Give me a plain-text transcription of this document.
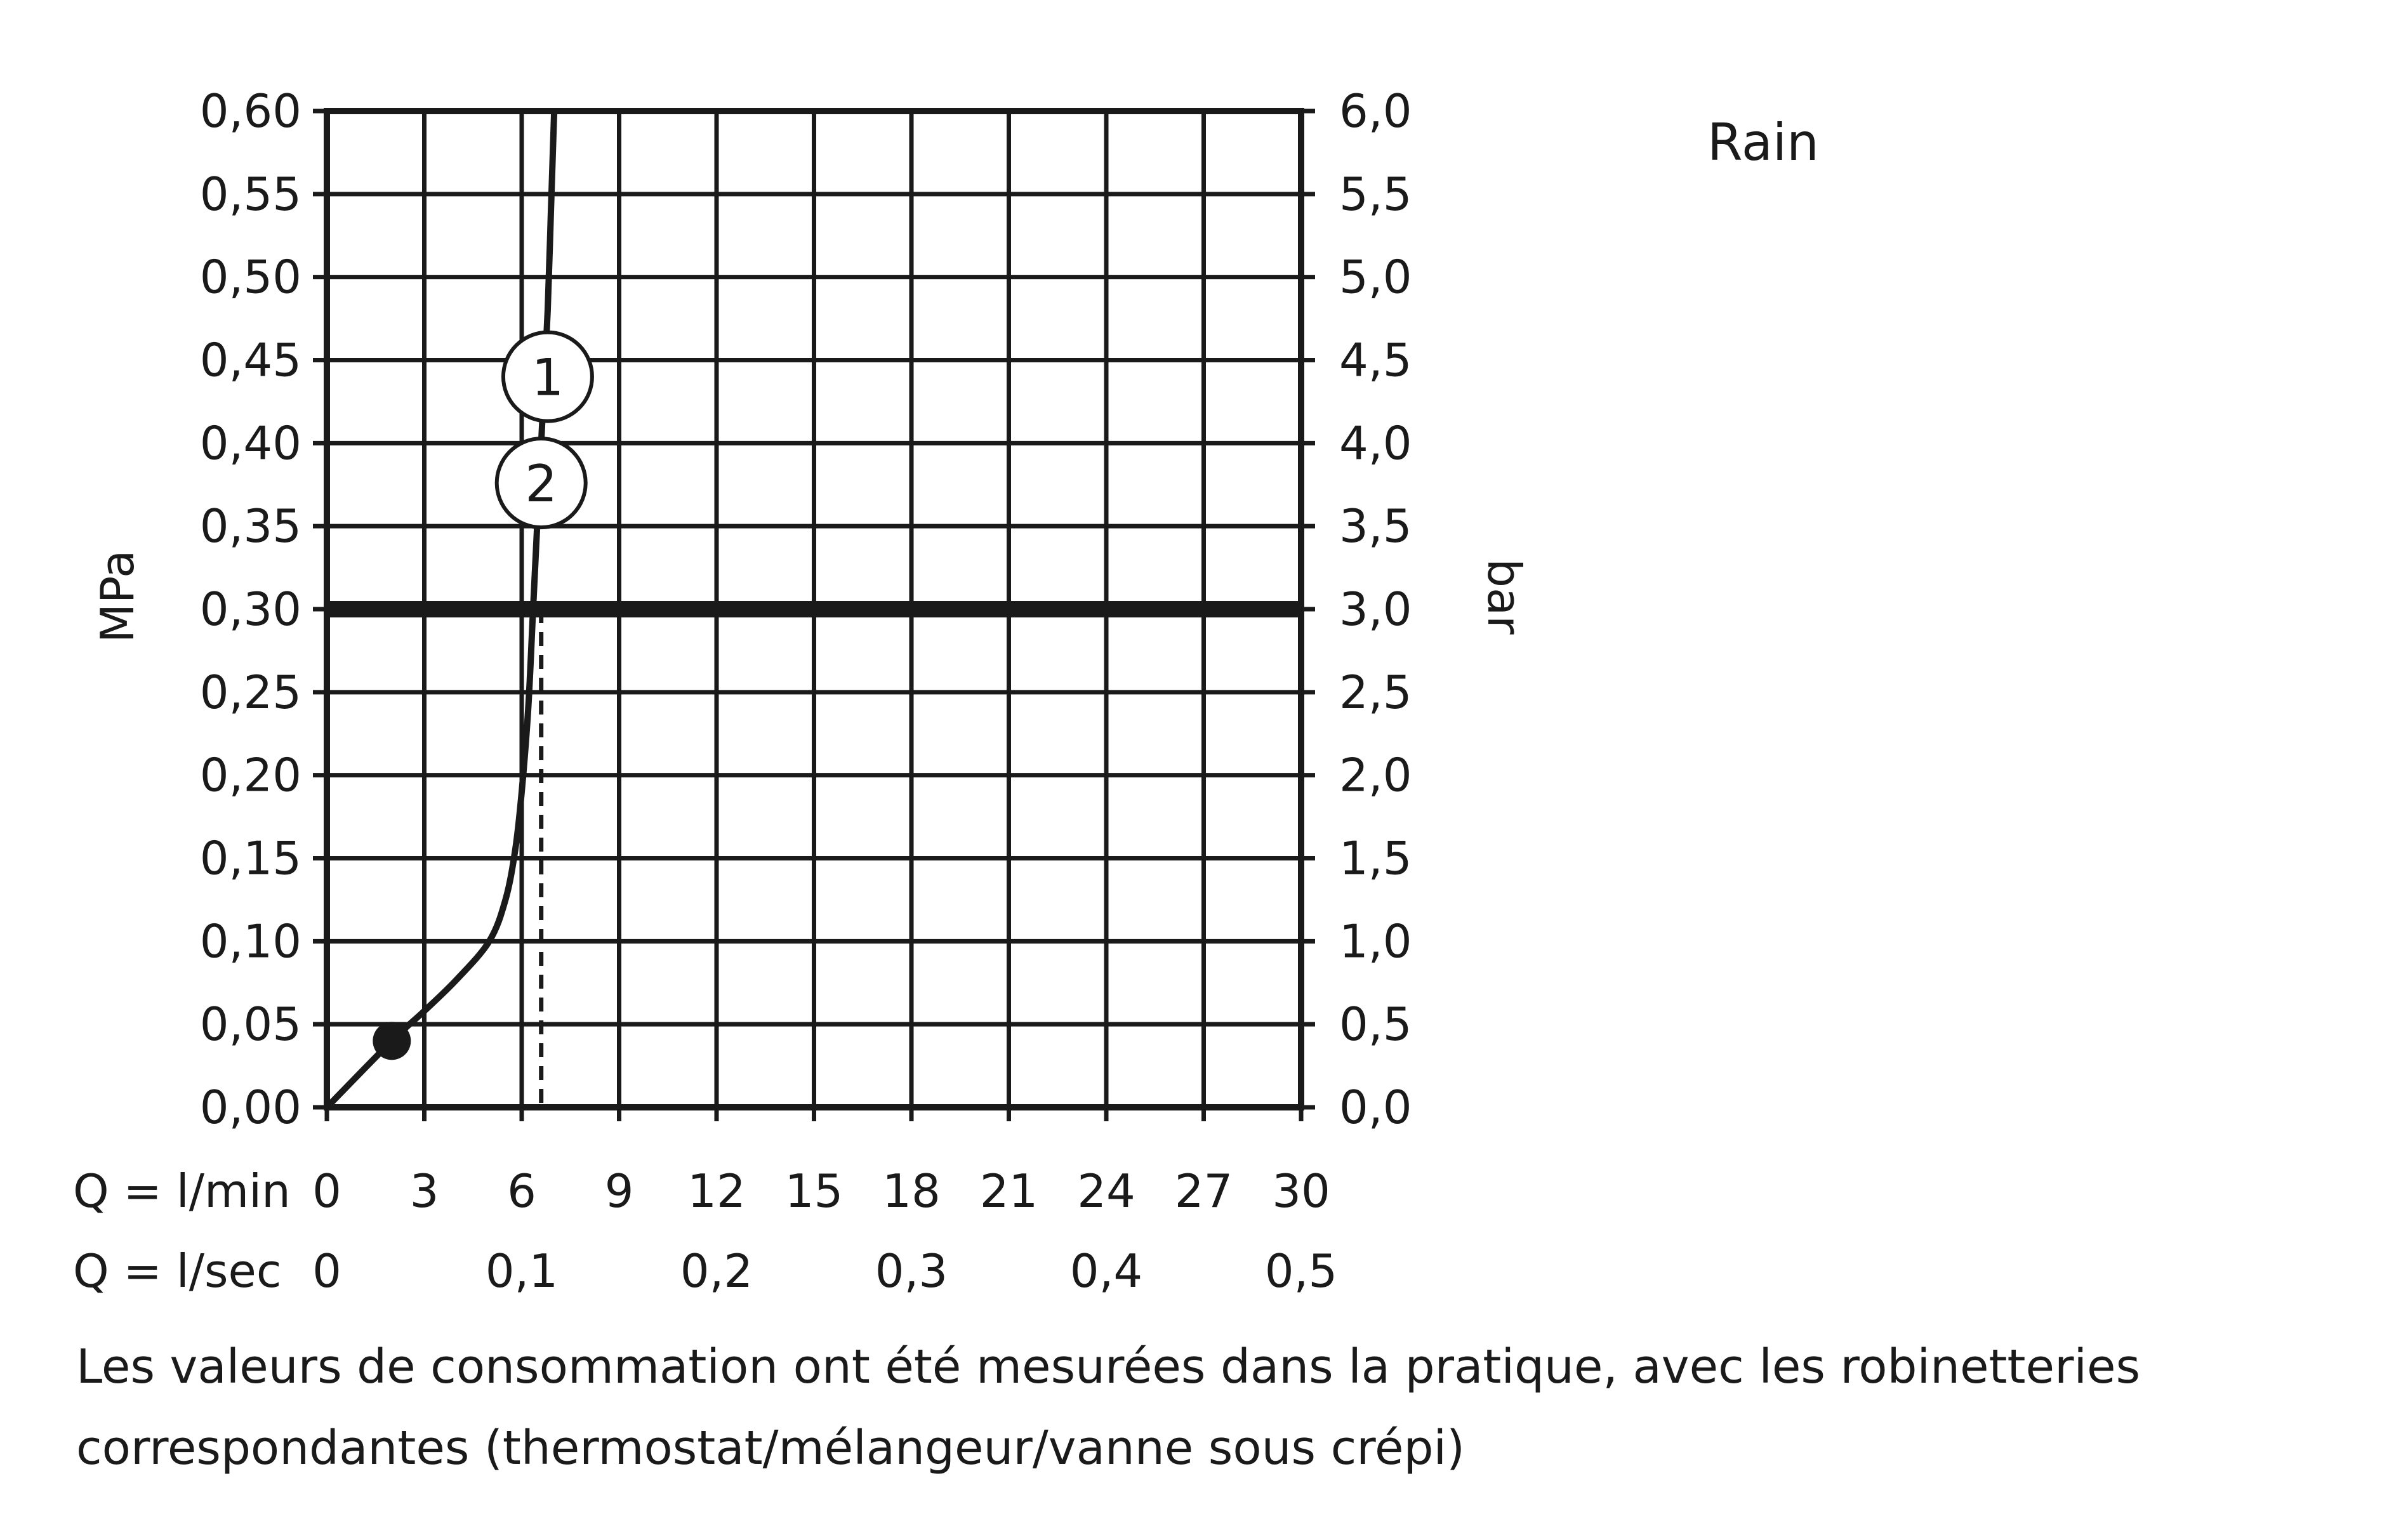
0,00
0,05
0,10
0,15
0,20
0,25
0,30
0,35
0,40
0,45
0,50
0,55
0,60
0,0
0,5
1,0
1,5
2,0
2,5
3,0
3,5
4,0
4,5
5,0
5,5
6,0
0 3 6 9 12 15 18 21 24 27 30
0	0,1	0,2	0,3	0,4	0,5
1
2
MPa	bar
Q = l/min
Q = l/sec
Rain

Les valeurs de consommation ont été mesurées dans la pratique, avec les robinetteries
correspondantes (thermostat/mélangeur/vanne sous crépi)
